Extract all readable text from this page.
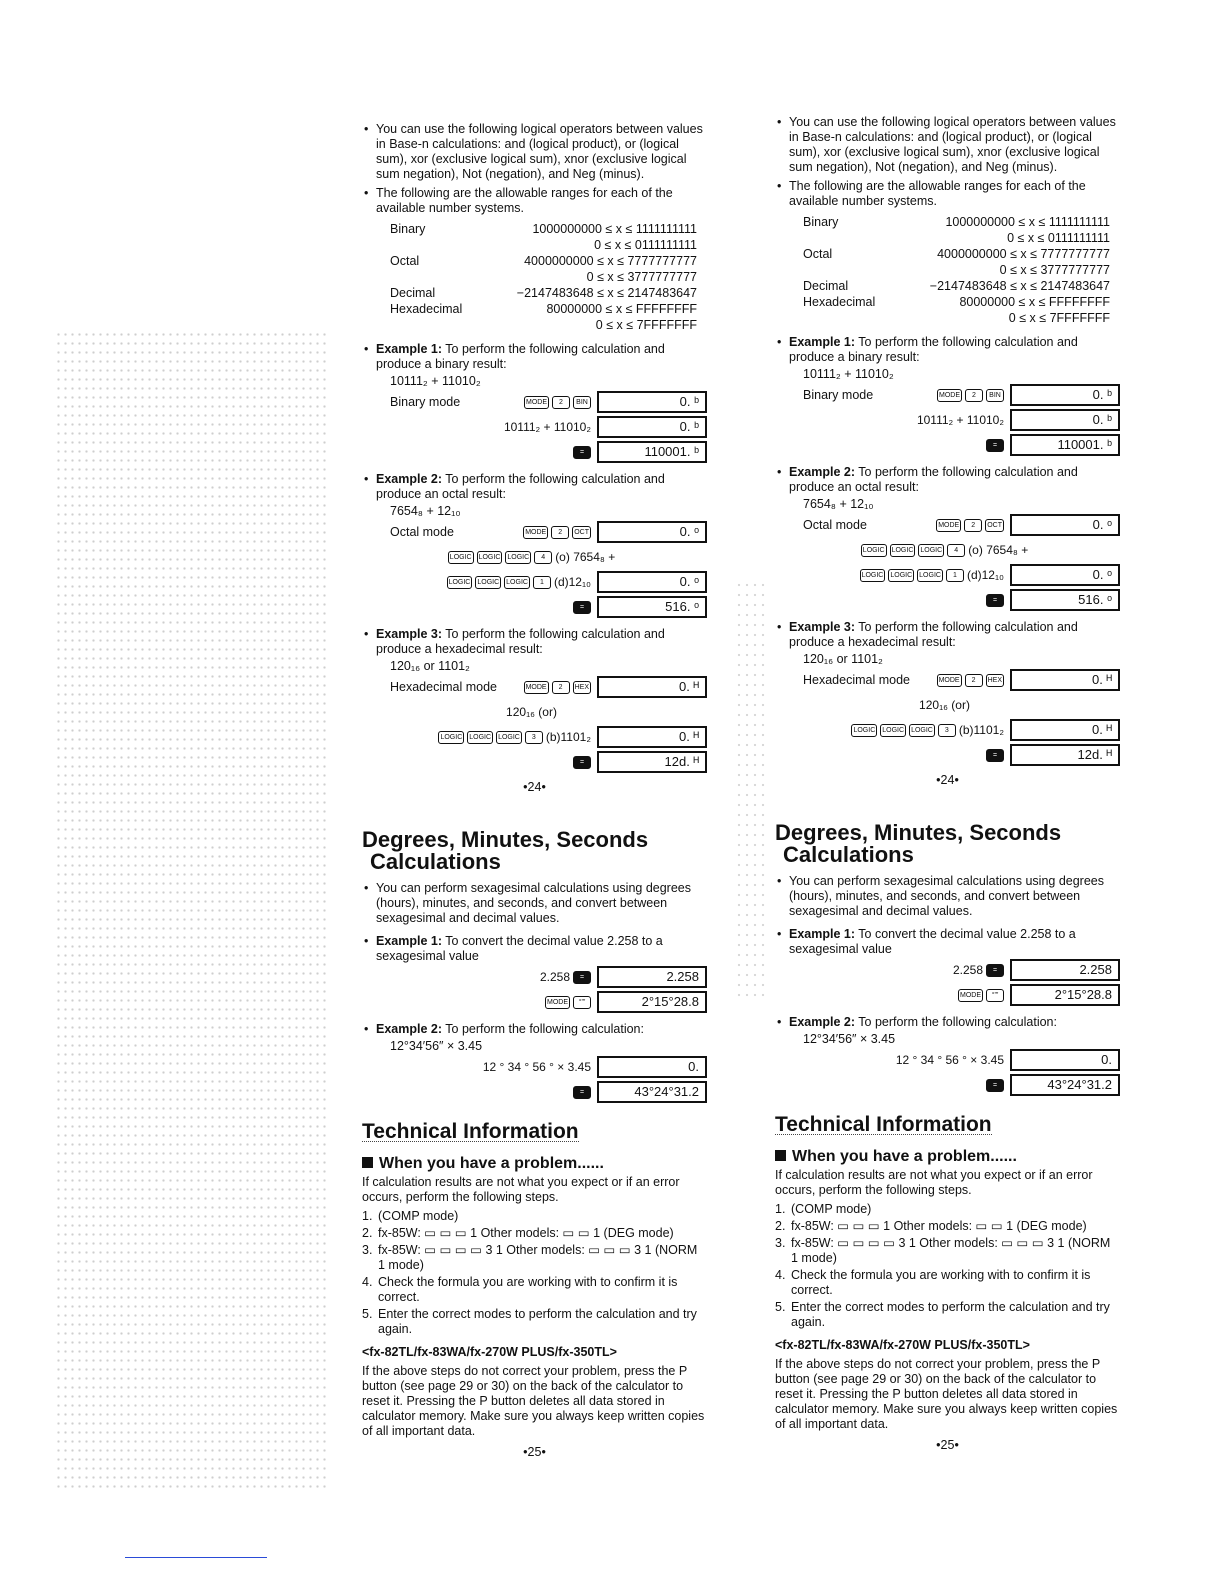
• You can use the following logical operators between values in Base-n calculations: and (logical product), or (logical sum), xor (exclusive logical sum), xnor (exclusive logical sum negation), Not (negation), and Neg (minus).
• The following are the allowable ranges for each of the available number systems.
Binary	1000000000 ≤ x ≤ 1111111111
0 ≤ x ≤ 0111111111
Octal	4000000000 ≤ x ≤ 7777777777
0 ≤ x ≤ 3777777777
Decimal	−2147483648 ≤ x ≤ 2147483647
Hexadecimal	80000000 ≤ x ≤ FFFFFFFF
0 ≤ x ≤ 7FFFFFFF
• Example 1: To perform the following calculation and produce a binary result:
10111₂ + 11010₂
Binary mode	MODE	2	BIN	0. ᵇ
10111₂ + 11010₂	0. ᵇ
=	110001. ᵇ
• Example 2: To perform the following calculation and produce an octal result:
7654₈ + 12₁₀
Octal mode	MODE	2	OCT	0. ᵒ
LOGIC LOGIC LOGIC	4 (o) 7654₈ +
LOGIC LOGIC LOGIC	1 (d)12₁₀	0. ᵒ
=	516. ᵒ
• Example 3: To perform the following calculation and produce a hexadecimal result:
120₁₆ or 1101₂
Hexadecimal mode	MODE	2	HEX	0. ᴴ
120₁₆ (or)
LOGIC LOGIC LOGIC	3 (b)1101₂	0. ᴴ
=	12d. ᴴ
•24•
Degrees, Minutes, Seconds
Calculations
• You can perform sexagesimal calculations using degrees (hours), minutes, and seconds, and convert between sexagesimal and decimal values.
• Example 1: To convert the decimal value 2.258 to a sexagesimal value
2.258	=	2.258
MODE	°'"	2°15°28.8
• Example 2: To perform the following calculation:
12°34′56″ × 3.45
12 ° 34 ° 56 ° × 3.45	0.
=	43°24°31.2
Technical Information
When you have a problem......
If calculation results are not what you expect or if an error occurs, perform the following steps.
1. (COMP mode)
2. fx-85W: ▭ ▭ ▭ 1 Other models: ▭ ▭ 1 (DEG mode)
3. fx-85W: ▭ ▭ ▭ ▭ 3 1 Other models: ▭ ▭ ▭ 3 1 (NORM 1 mode)
4. Check the formula you are working with to confirm it is correct.
5. Enter the correct modes to perform the calculation and try again.
<fx-82TL/fx-83WA/fx-270W PLUS/fx-350TL>
If the above steps do not correct your problem, press the P button (see page 29 or 30) on the back of the calculator to reset it. Pressing the P button deletes all data stored in calculator memory. Make sure you always keep written copies of all important data.
•25•
• You can use the following logical operators between values in Base-n calculations: and (logical product), or (logical sum), xor (exclusive logical sum), xnor (exclusive logical sum negation), Not (negation), and Neg (minus).
• The following are the allowable ranges for each of the available number systems.
Binary	1000000000 ≤ x ≤ 1111111111
0 ≤ x ≤ 0111111111
Octal	4000000000 ≤ x ≤ 7777777777
0 ≤ x ≤ 3777777777
Decimal	−2147483648 ≤ x ≤ 2147483647
Hexadecimal	80000000 ≤ x ≤ FFFFFFFF
0 ≤ x ≤ 7FFFFFFF
• Example 1: To perform the following calculation and produce a binary result:
10111₂ + 11010₂
Binary mode	MODE	2	BIN	0. ᵇ
10111₂ + 11010₂	0. ᵇ
=	110001. ᵇ
• Example 2: To perform the following calculation and produce an octal result:
7654₈ + 12₁₀
Octal mode	MODE	2	OCT	0. ᵒ
LOGIC LOGIC LOGIC	4 (o) 7654₈ +
LOGIC LOGIC LOGIC	1 (d)12₁₀	0. ᵒ
=	516. ᵒ
• Example 3: To perform the following calculation and produce a hexadecimal result:
120₁₆ or 1101₂
Hexadecimal mode	MODE	2	HEX	0. ᴴ
120₁₆ (or)
LOGIC LOGIC LOGIC	3 (b)1101₂	0. ᴴ
=	12d. ᴴ
•24•
Degrees, Minutes, Seconds
Calculations
• You can perform sexagesimal calculations using degrees (hours), minutes, and seconds, and convert between sexagesimal and decimal values.
• Example 1: To convert the decimal value 2.258 to a sexagesimal value
2.258	=	2.258
MODE	°'"	2°15°28.8
• Example 2: To perform the following calculation:
12°34′56″ × 3.45
12 ° 34 ° 56 ° × 3.45	0.
=	43°24°31.2
Technical Information
When you have a problem......
If calculation results are not what you expect or if an error occurs, perform the following steps.
1. (COMP mode)
2. fx-85W: ▭ ▭ ▭ 1 Other models: ▭ ▭ 1 (DEG mode)
3. fx-85W: ▭ ▭ ▭ ▭ 3 1 Other models: ▭ ▭ ▭ 3 1 (NORM 1 mode)
4. Check the formula you are working with to confirm it is correct.
5. Enter the correct modes to perform the calculation and try again.
<fx-82TL/fx-83WA/fx-270W PLUS/fx-350TL>
If the above steps do not correct your problem, press the P button (see page 29 or 30) on the back of the calculator to reset it. Pressing the P button deletes all data stored in calculator memory. Make sure you always keep written copies of all important data.
•25•
